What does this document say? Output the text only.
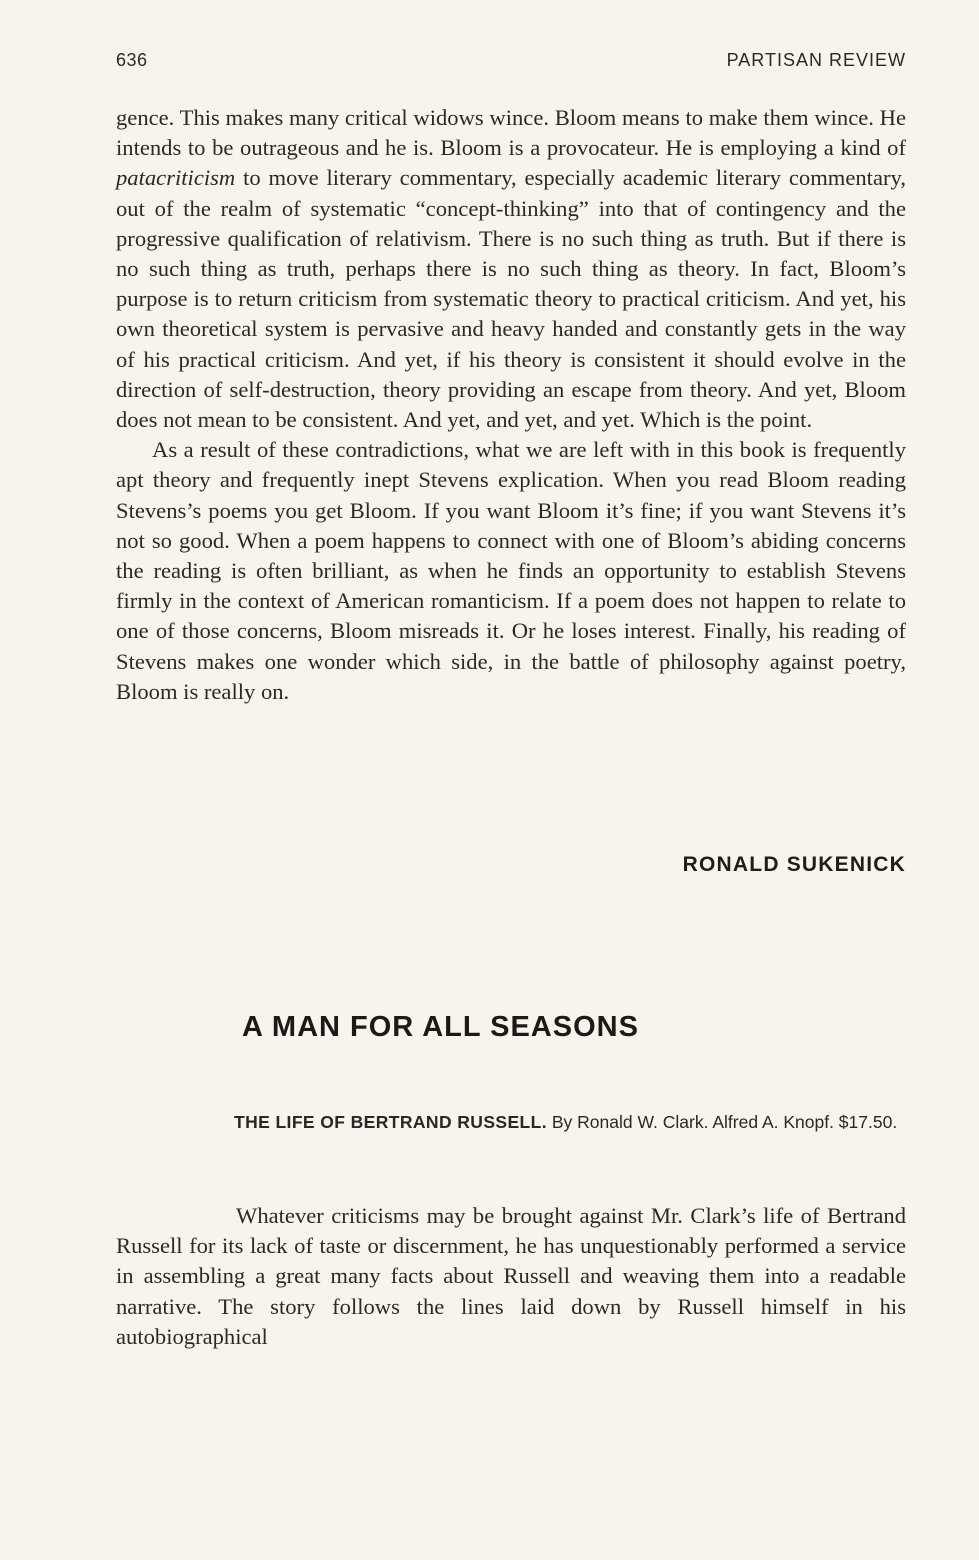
636	PARTISAN REVIEW

gence. This makes many critical widows wince. Bloom means to make them wince. He intends to be outrageous and he is. Bloom is a provocateur. He is employing a kind of patacriticism to move literary commentary, especially academic literary commentary, out of the realm of systematic “concept-thinking” into that of contingency and the progressive qualification of relativism. There is no such thing as truth. But if there is no such thing as truth, perhaps there is no such thing as theory. In fact, Bloom’s purpose is to return criticism from systematic theory to practical criticism. And yet, his own theoretical system is pervasive and heavy handed and constantly gets in the way of his practical criticism. And yet, if his theory is consistent it should evolve in the direction of self-destruction, theory providing an escape from theory. And yet, Bloom does not mean to be consistent. And yet, and yet, and yet. Which is the point.

As a result of these contradictions, what we are left with in this book is frequently apt theory and frequently inept Stevens explication. When you read Bloom reading Stevens’s poems you get Bloom. If you want Bloom it’s fine; if you want Stevens it’s not so good. When a poem happens to connect with one of Bloom’s abiding concerns the reading is often brilliant, as when he finds an opportunity to establish Stevens firmly in the context of American romanticism. If a poem does not happen to relate to one of those concerns, Bloom misreads it. Or he loses interest. Finally, his reading of Stevens makes one wonder which side, in the battle of philosophy against poetry, Bloom is really on.

RONALD SUKENICK
A MAN FOR ALL SEASONS
THE LIFE OF BERTRAND RUSSELL. By Ronald W. Clark. Alfred A. Knopf. $17.50.

Whatever criticisms may be brought against Mr. Clark’s life of Bertrand Russell for its lack of taste or discernment, he has unquestionably performed a service in assembling a great many facts about Russell and weaving them into a readable narrative. The story follows the lines laid down by Russell himself in his autobiographical
